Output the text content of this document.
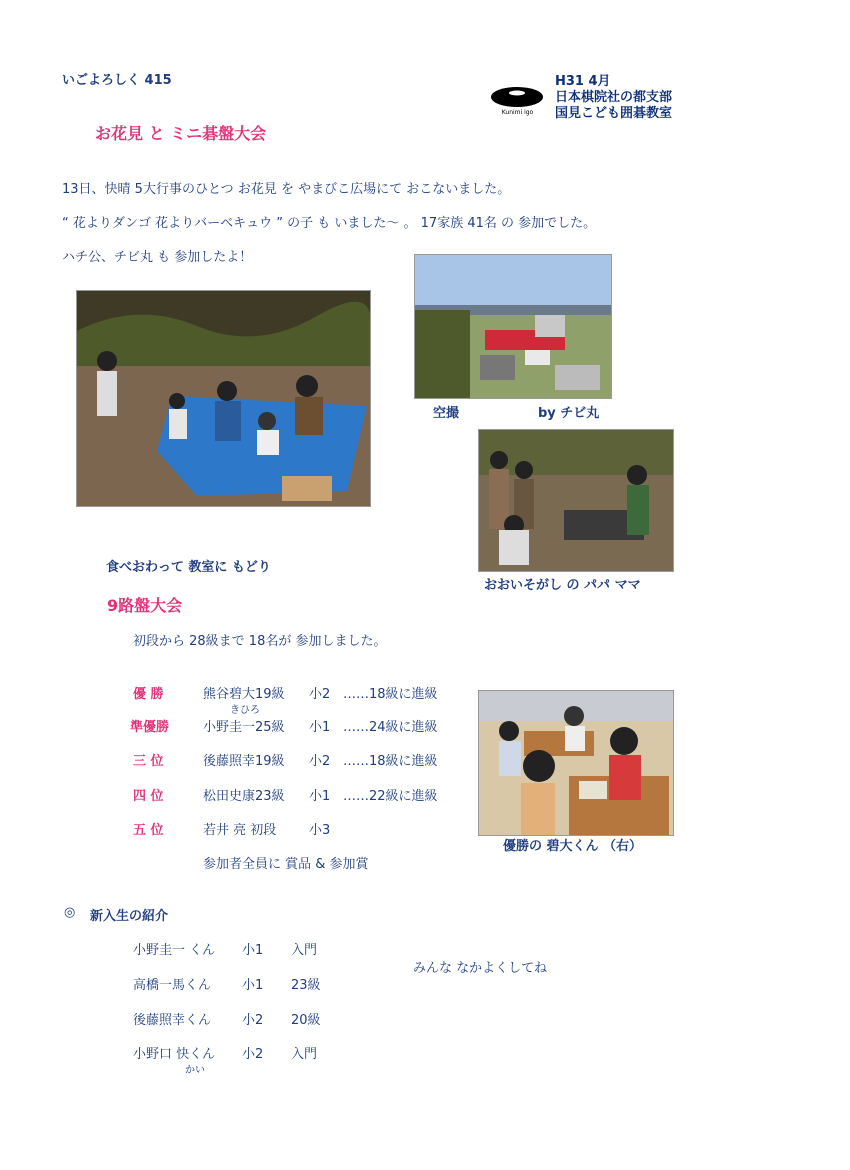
いごよろしく 415
Kunimi igo
H31 4月
日本棋院社の都支部
国見こども囲碁教室
お花見 と ミニ碁盤大会
13日、快晴 5大行事のひとつ お花見 を やまびこ広場にて おこないました。
“ 花よりダンゴ 花よりバーベキュウ ” の子 も いました～ 。 17家族 41名 の 参加でした。
ハチ公、チビ丸 も 参加したよ！
空撮	by チビ丸
食べおわって 教室に もどり
おおいそがし の パパ ママ
9路盤大会
初段から 28級まで 18名が 参加しました。
優 勝	熊谷碧大19級 小2 ……18級に進級
きひろ
準優勝	小野圭一25級 小1 ……24級に進級
三 位	後藤照幸19級 小2 ……18級に進級
四 位	松田史康23級 小1 ……22級に進級
五 位	若井 亮 初段	小3
参加者全員に 賞品 & 参加賞
優勝の 碧大くん （右）
◎ 新入生の紹介
小野圭一 くん 小1 入門
高橋一馬くん 小1 23級
後藤照幸くん 小2 20級
小野口 快くん 小2 入門
かい
みんな なかよくしてね
